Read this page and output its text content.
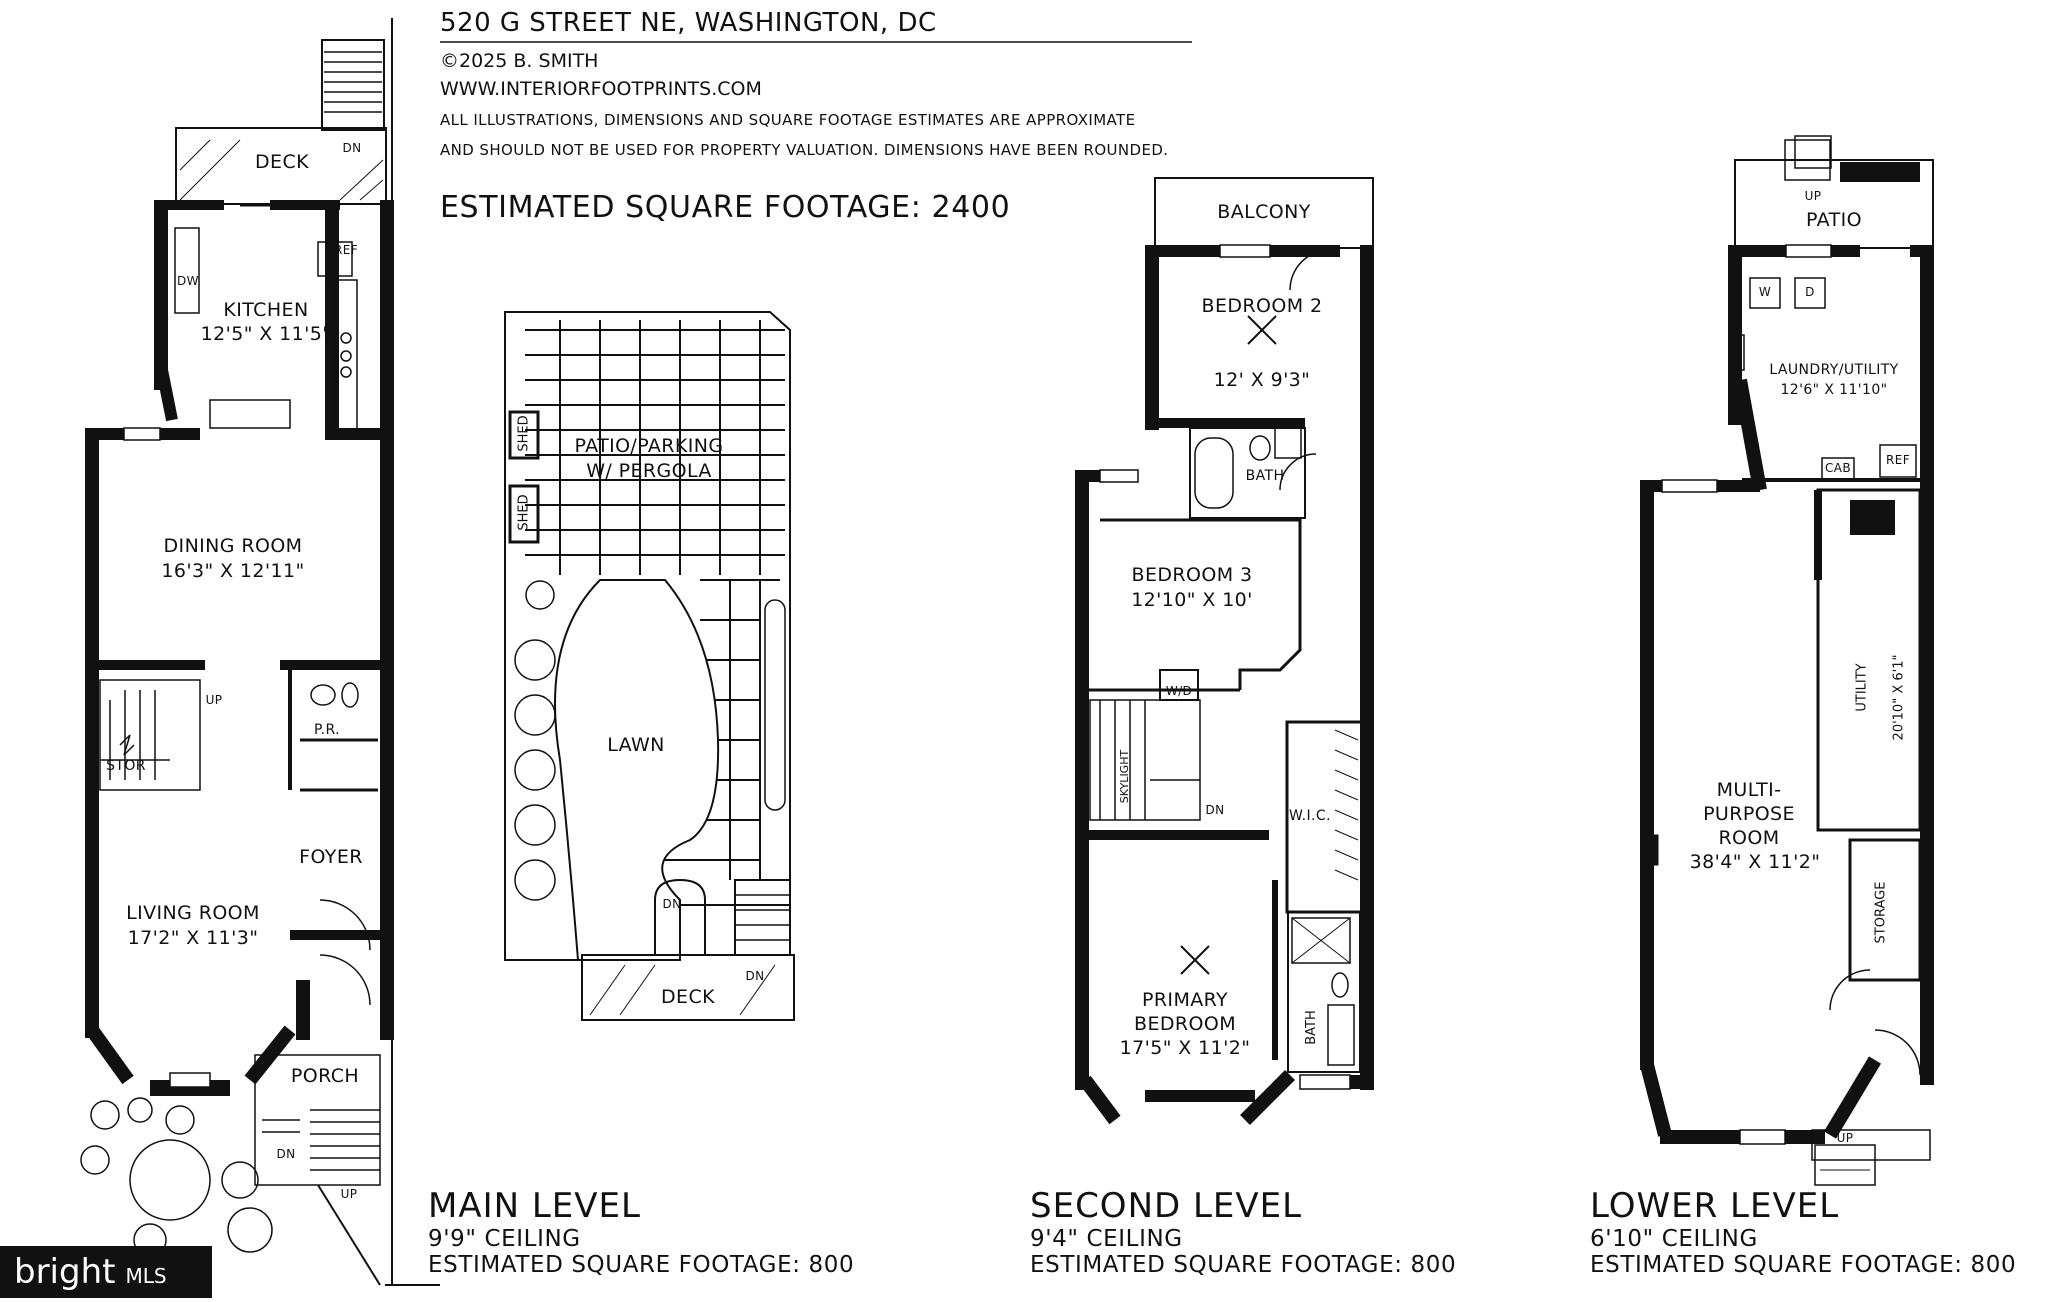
520 G STREET NE, WASHINGTON, DC
©2025 B. SMITH
WWW.INTERIORFOOTPRINTS.COM
ALL ILLUSTRATIONS, DIMENSIONS AND SQUARE FOOTAGE ESTIMATES ARE APPROXIMATE
AND SHOULD NOT BE USED FOR PROPERTY VALUATION. DIMENSIONS HAVE BEEN ROUNDED.
ESTIMATED SQUARE FOOTAGE: 2400
DECK
KITCHEN
12'5" X 11'5"
DW
REF
DINING ROOM
16'3" X 12'11"
P.R.
STOR
UP
FOYER
LIVING ROOM
17'2" X 11'3"
PORCH
DN
UP
DN
PATIO/PARKING
W/ PERGOLA
SHED
SHED
LAWN
DECK
DN
DN
BALCONY
BEDROOM 2
12' X 9'3"
BATH
BEDROOM 3
12'10" X 10'
W/D
SKYLIGHT
DN	W.I.C.
PRIMARY
BEDROOM
17'5" X 11'2"
BATH
PATIO
UP
W	D
LAUNDRY/UTILITY
12'6" X 11'10"
CAB
REF
UTILITY 20'10" X 6'1"
MULTI-
PURPOSE
ROOM
38'4" X 11'2"
STORAGE
UP
MAIN LEVEL
9'9" CEILING
ESTIMATED SQUARE FOOTAGE: 800
SECOND LEVEL
9'4" CEILING
ESTIMATED SQUARE FOOTAGE: 800
LOWER LEVEL
6'10" CEILING
ESTIMATED SQUARE FOOTAGE: 800
bright MLS
